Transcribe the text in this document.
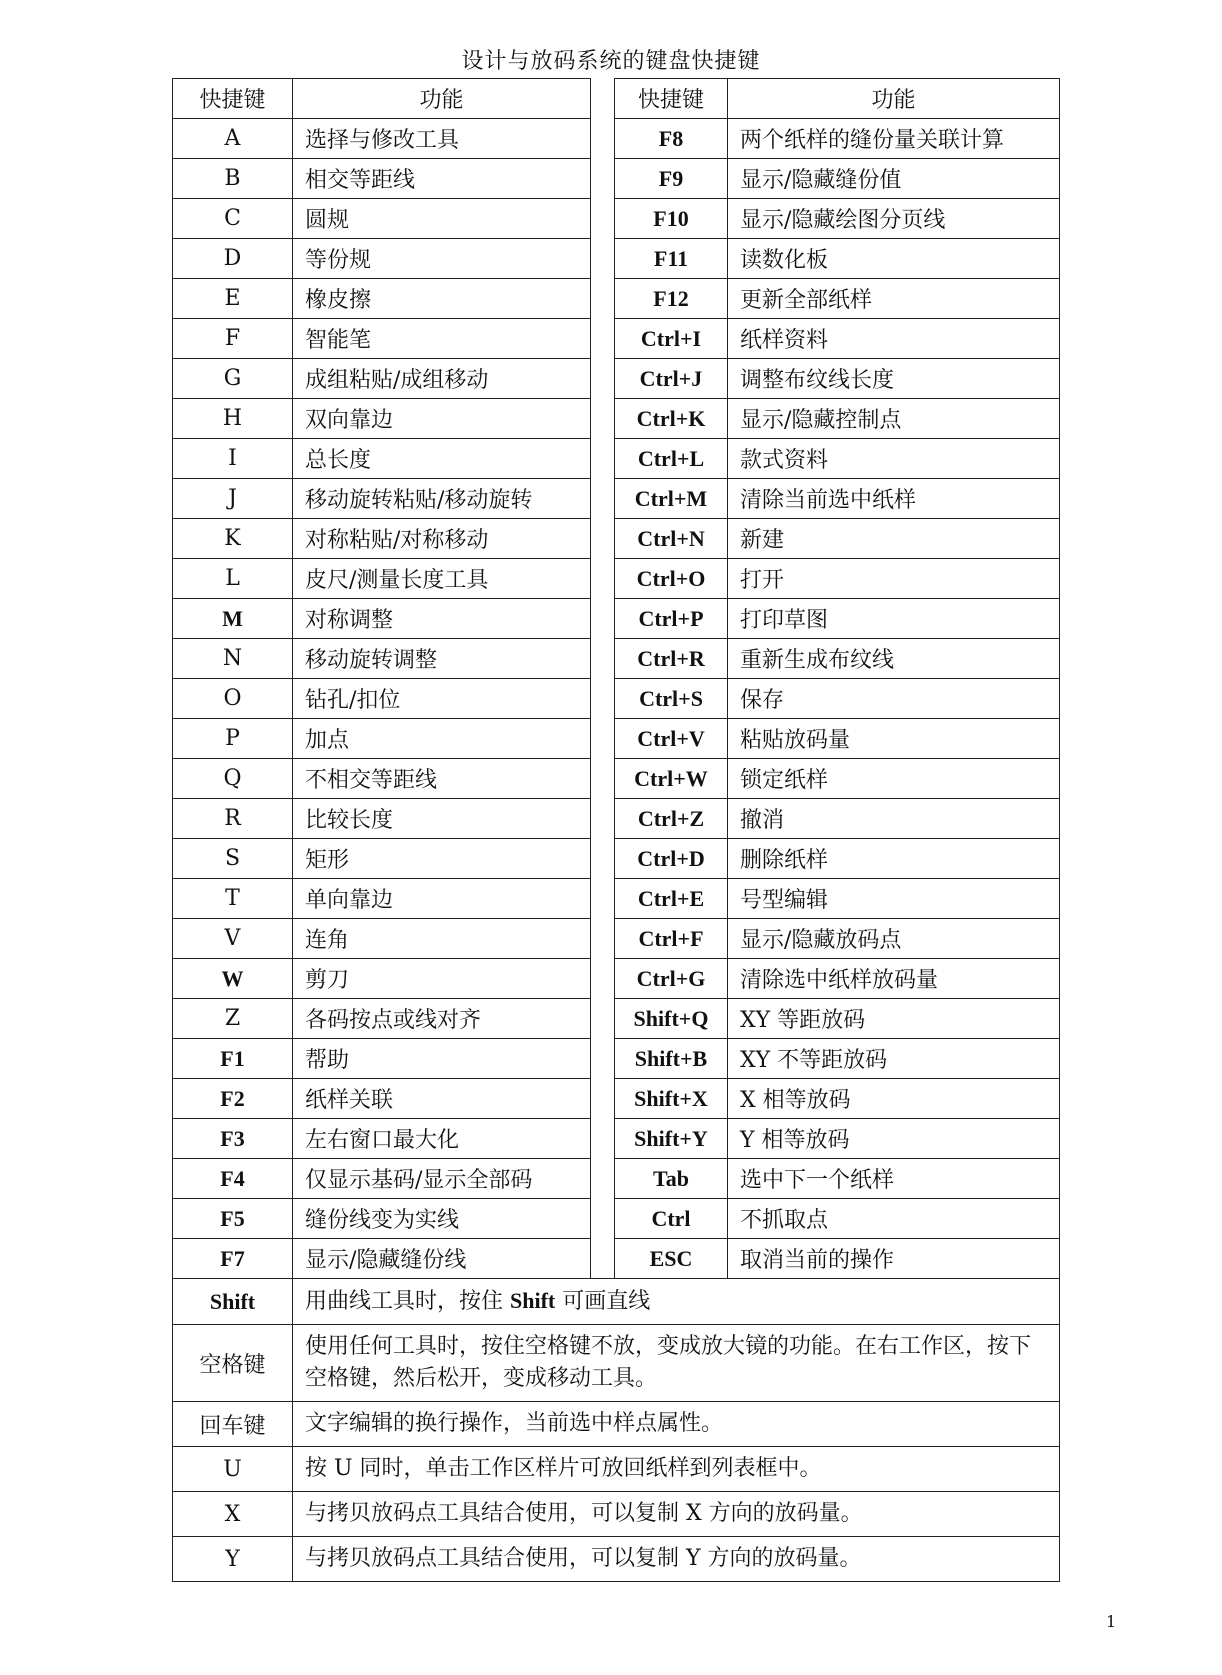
设计与放码系统的键盘快捷键
快捷键	功能		快捷键	功能
A	选择与修改工具		F8	两个纸样的缝份量关联计算
B	相交等距线		F9	显示/隐藏缝份值
C	圆规		F10	显示/隐藏绘图分页线
D	等份规		F11	读数化板
E	橡皮擦		F12	更新全部纸样
F	智能笔		Ctrl+I	纸样资料
G	成组粘贴/成组移动		Ctrl+J	调整布纹线长度
H	双向靠边		Ctrl+K	显示/隐藏控制点
I	总长度		Ctrl+L	款式资料
J	移动旋转粘贴/移动旋转		Ctrl+M	清除当前选中纸样
K	对称粘贴/对称移动		Ctrl+N	新建
L	皮尺/测量长度工具		Ctrl+O	打开
M	对称调整		Ctrl+P	打印草图
N	移动旋转调整		Ctrl+R	重新生成布纹线
O	钻孔/扣位		Ctrl+S	保存
P	加点		Ctrl+V	粘贴放码量
Q	不相交等距线		Ctrl+W	锁定纸样
R	比较长度		Ctrl+Z	撤消
S	矩形		Ctrl+D	删除纸样
T	单向靠边		Ctrl+E	号型编辑
V	连角		Ctrl+F	显示/隐藏放码点
W	剪刀		Ctrl+G	清除选中纸样放码量
Z	各码按点或线对齐		Shift+Q	XY 等距放码
F1	帮助		Shift+B	XY 不等距放码
F2	纸样关联		Shift+X	X 相等放码
F3	左右窗口最大化		Shift+Y	Y 相等放码
F4	仅显示基码/显示全部码		Tab	选中下一个纸样
F5	缝份线变为实线		Ctrl	不抓取点
F7	显示/隐藏缝份线		ESC	取消当前的操作
Shift	用曲线工具时，按住 Shift 可画直线			
空格键	使用任何工具时，按住空格键不放，变成放大镜的功能。在右工作区，按下空格键，然后松开，变成移动工具。			
回车键	文字编辑的换行操作，当前选中样点属性。			
U	按 U 同时，单击工作区样片可放回纸样到列表框中。			
X	与拷贝放码点工具结合使用，可以复制 X 方向的放码量。			
Y	与拷贝放码点工具结合使用，可以复制 Y 方向的放码量。			
1
